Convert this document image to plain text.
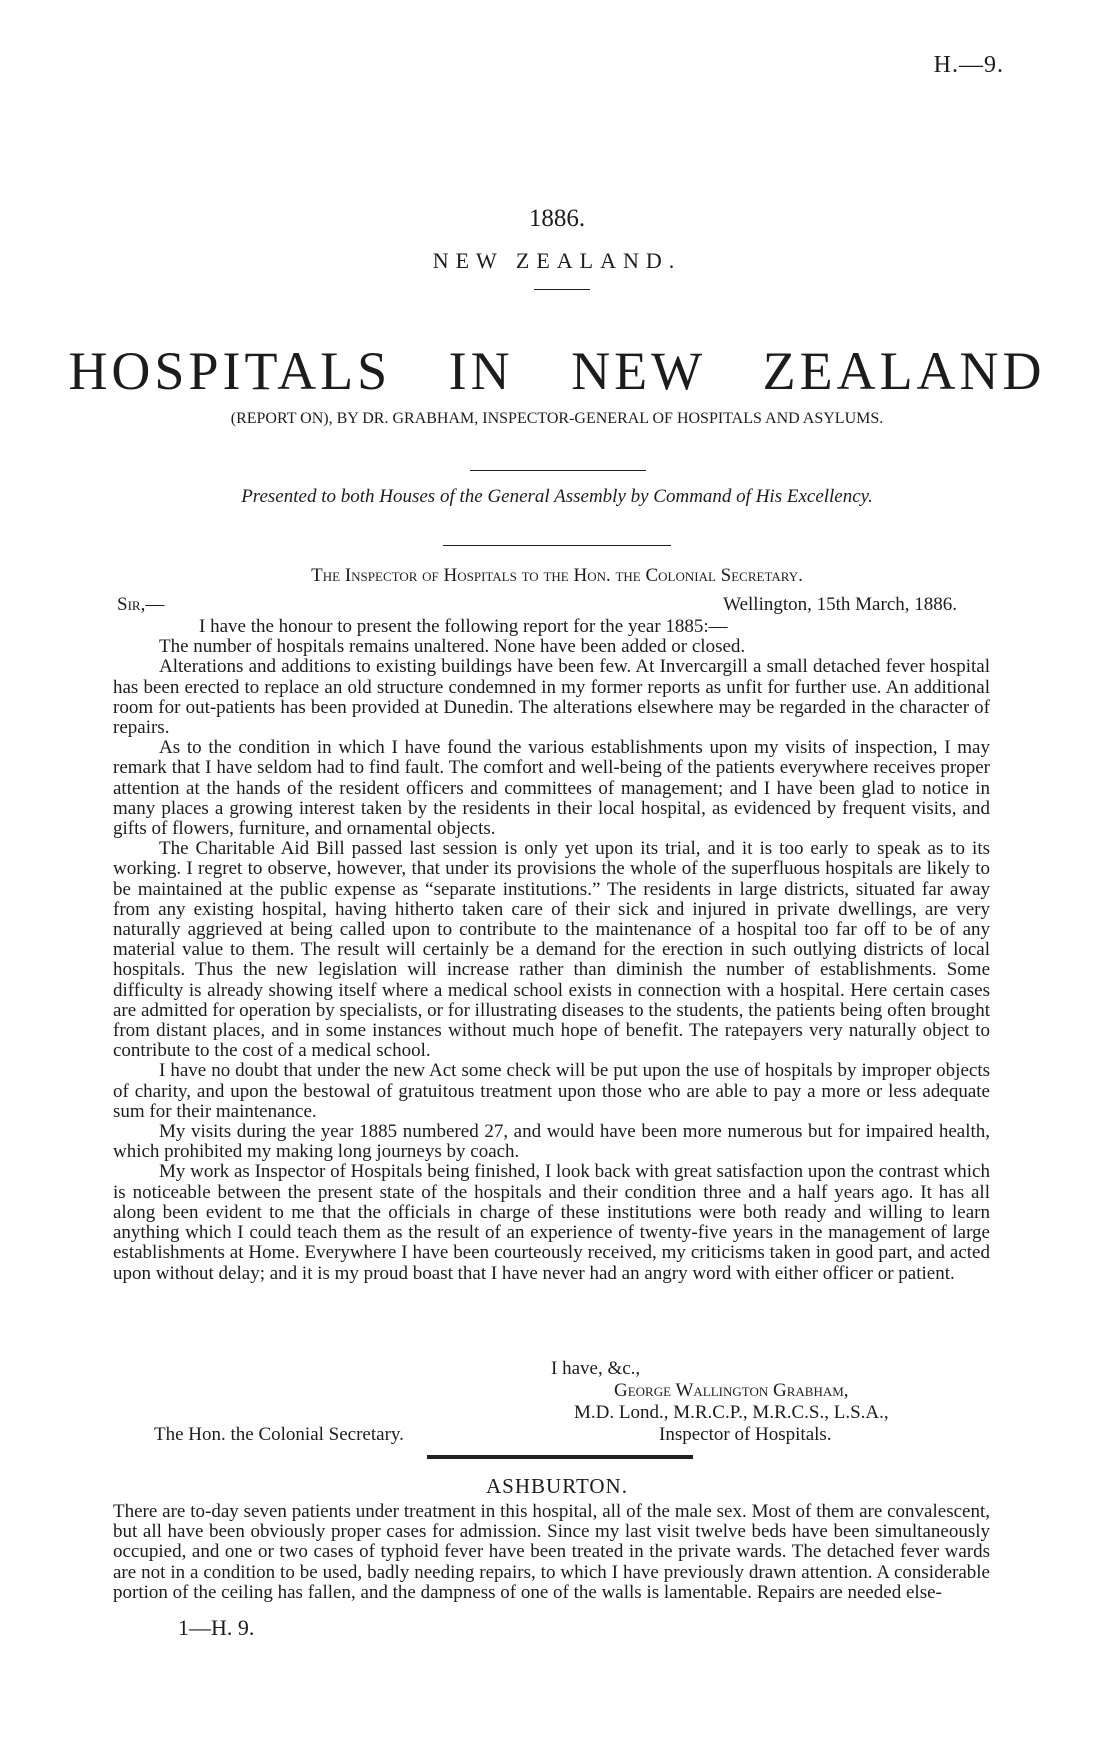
H.—9.
1886.
NEW ZEALAND.
HOSPITALS IN NEW ZEALAND
(REPORT ON), BY DR. GRABHAM, INSPECTOR-GENERAL OF HOSPITALS AND ASYLUMS.
Presented to both Houses of the General Assembly by Command of His Excellency.
The Inspector of Hospitals to the Hon. the Colonial Secretary.
Sir,—	Wellington, 15th March, 1886.

I have the honour to present the following report for the year 1885:—

The number of hospitals remains unaltered. None have been added or closed.

Alterations and additions to existing buildings have been few. At Invercargill a small detached fever hospital has been erected to replace an old structure condemned in my former reports as unfit for further use. An additional room for out-patients has been provided at Dunedin. The alterations elsewhere may be regarded in the character of repairs.

As to the condition in which I have found the various establishments upon my visits of inspection, I may remark that I have seldom had to find fault. The comfort and well-being of the patients everywhere receives proper attention at the hands of the resident officers and committees of management; and I have been glad to notice in many places a growing interest taken by the residents in their local hospital, as evidenced by frequent visits, and gifts of flowers, furniture, and ornamental objects.

The Charitable Aid Bill passed last session is only yet upon its trial, and it is too early to speak as to its working. I regret to observe, however, that under its provisions the whole of the superfluous hospitals are likely to be maintained at the public expense as “separate institutions.” The residents in large districts, situated far away from any existing hospital, having hitherto taken care of their sick and injured in private dwellings, are very naturally aggrieved at being called upon to contribute to the maintenance of a hospital too far off to be of any material value to them. The result will certainly be a demand for the erection in such outlying districts of local hospitals. Thus the new legislation will increase rather than diminish the number of establishments. Some difficulty is already showing itself where a medical school exists in connection with a hospital. Here certain cases are admitted for operation by specialists, or for illustrating diseases to the students, the patients being often brought from distant places, and in some instances without much hope of benefit. The ratepayers very naturally object to contribute to the cost of a medical school.

I have no doubt that under the new Act some check will be put upon the use of hospitals by improper objects of charity, and upon the bestowal of gratuitous treatment upon those who are able to pay a more or less adequate sum for their maintenance.

My visits during the year 1885 numbered 27, and would have been more numerous but for impaired health, which prohibited my making long journeys by coach.

My work as Inspector of Hospitals being finished, I look back with great satisfaction upon the contrast which is noticeable between the present state of the hospitals and their condition three and a half years ago. It has all along been evident to me that the officials in charge of these institutions were both ready and willing to learn anything which I could teach them as the result of an experience of twenty-five years in the management of large establishments at Home. Everywhere I have been courteously received, my criticisms taken in good part, and acted upon without delay; and it is my proud boast that I have never had an angry word with either officer or patient.

I have, &c.,
George Wallington Grabham,
M.D. Lond., M.R.C.P., M.R.C.S., L.S.A.,
The Hon. the Colonial Secretary.	Inspector of Hospitals.
ASHBURTON.

There are to-day seven patients under treatment in this hospital, all of the male sex. Most of them are convalescent, but all have been obviously proper cases for admission. Since my last visit twelve beds have been simultaneously occupied, and one or two cases of typhoid fever have been treated in the private wards. The detached fever wards are not in a condition to be used, badly needing repairs, to which I have previously drawn attention. A considerable portion of the ceiling has fallen, and the dampness of one of the walls is lamentable. Repairs are needed else-

1—H. 9.
